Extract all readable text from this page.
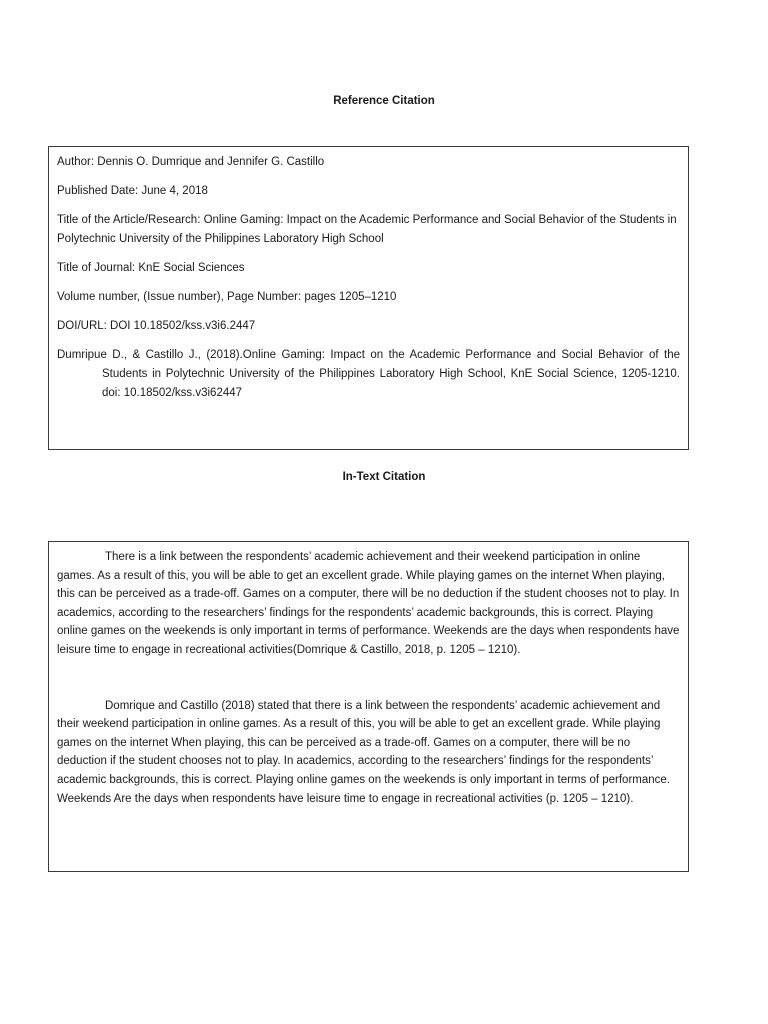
Reference Citation

Author: Dennis O. Dumrique and Jennifer G. Castillo

Published Date: June 4, 2018

Title of the Article/Research: Online Gaming: Impact on the Academic Performance and Social Behavior of the Students in Polytechnic University of the Philippines Laboratory High School

Title of Journal: KnE Social Sciences

Volume number, (Issue number), Page Number: pages 1205–1210

DOI/URL: DOI 10.18502/kss.v3i6.2447

Dumripue D., & Castillo J., (2018).Online Gaming: Impact on the Academic Performance and Social Behavior of the Students in Polytechnic University of the Philippines Laboratory High School, KnE Social Science, 1205-1210. doi: 10.18502/kss.v3i62447

In-Text Citation

There is a link between the respondents’ academic achievement and their weekend participation in online games. As a result of this, you will be able to get an excellent grade. While playing games on the internet When playing, this can be perceived as a trade-off. Games on a computer, there will be no deduction if the student chooses not to play. In academics, according to the researchers’ findings for the respondents’ academic backgrounds, this is correct. Playing online games on the weekends is only important in terms of performance. Weekends are the days when respondents have leisure time to engage in recreational activities(Domrique & Castillo, 2018, p. 1205 – 1210).

Domrique and Castillo (2018) stated that there is a link between the respondents’ academic achievement and their weekend participation in online games. As a result of this, you will be able to get an excellent grade. While playing games on the internet When playing, this can be perceived as a trade-off. Games on a computer, there will be no deduction if the student chooses not to play. In academics, according to the researchers’ findings for the respondents’ academic backgrounds, this is correct. Playing online games on the weekends is only important in terms of performance. Weekends Are the days when respondents have leisure time to engage in recreational activities (p. 1205 – 1210).
